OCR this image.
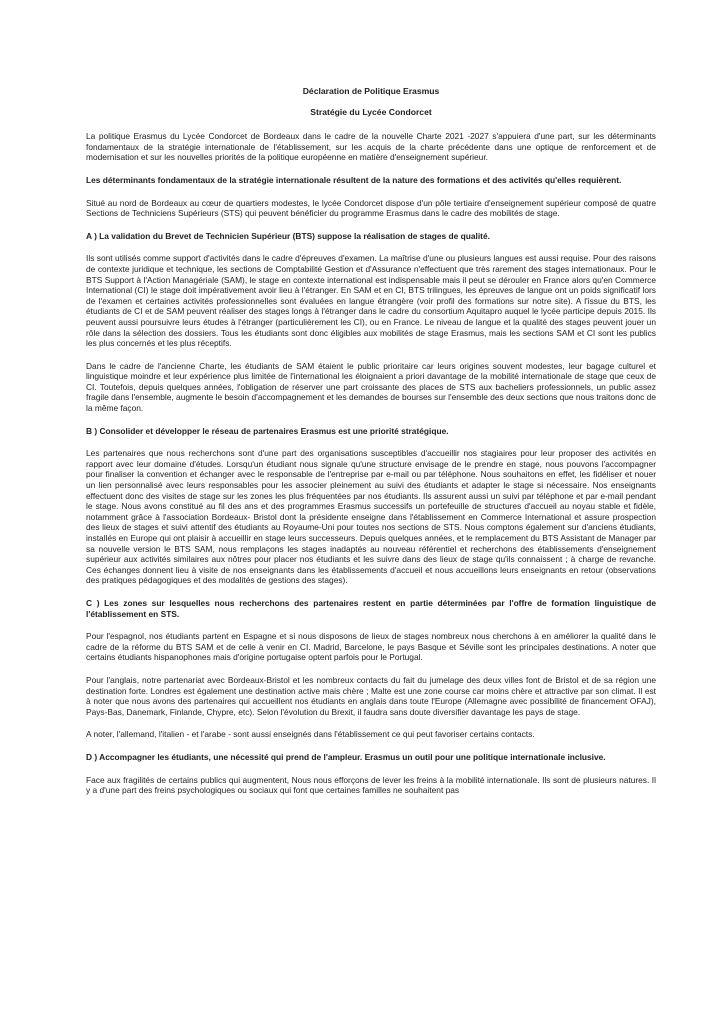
Déclaration de Politique Erasmus
Stratégie du Lycée Condorcet

La politique Erasmus du Lycée Condorcet de Bordeaux dans le cadre de la nouvelle Charte 2021 -2027 s'appuiera d'une part, sur les déterminants fondamentaux de la stratégie internationale de l'établissement, sur les acquis de la charte précédente dans une optique de renforcement et de modernisation et sur les nouvelles priorités de la politique européenne en matière d'enseignement supérieur.

Les déterminants fondamentaux de la stratégie internationale résultent de la nature des formations et des activités qu'elles requièrent.

Situé au nord de Bordeaux au cœur de quartiers modestes, le lycée Condorcet dispose d'un pôle tertiaire d'enseignement supérieur composé de quatre Sections de Techniciens Supérieurs (STS) qui peuvent bénéficier du programme Erasmus dans le cadre des mobilités de stage.

A ) La validation du Brevet de Technicien Supérieur (BTS) suppose la réalisation de stages de qualité.

Ils sont utilisés comme support d'activités dans le cadre d'épreuves d'examen. La maîtrise d'une ou plusieurs langues est aussi requise. Pour des raisons de contexte juridique et technique, les sections de Comptabilité Gestion et d'Assurance n'effectuent que très rarement des stages internationaux. Pour le BTS Support à l'Action Managériale (SAM), le stage en contexte international est indispensable mais il peut se dérouler en France alors qu'en Commerce International (CI) le stage doit impérativement avoir lieu à l'étranger. En SAM et en CI, BTS trilingues, les épreuves de langue ont un poids significatif lors de l'examen et certaines activités professionnelles sont évaluées en langue étrangère (voir profil des formations sur notre site). A l'issue du BTS, les étudiants de CI et de SAM peuvent réaliser des stages longs à l'étranger dans le cadre du consortium Aquitapro auquel le lycée participe depuis 2015. Ils peuvent aussi poursuivre leurs études à l'étranger (particulièrement les CI), ou en France. Le niveau de langue et la qualité des stages peuvent jouer un rôle dans la sélection des dossiers. Tous les étudiants sont donc éligibles aux mobilités de stage Erasmus, mais les sections SAM et CI sont les publics les plus concernés et les plus réceptifs.

Dans le cadre de l'ancienne Charte, les étudiants de SAM étaient le public prioritaire car leurs origines souvent modestes, leur bagage culturel et linguistique moindre et leur expérience plus limitée de l'international les éloignaient a priori davantage de la mobilité internationale de stage que ceux de CI. Toutefois, depuis quelques années, l'obligation de réserver une part croissante des places de STS aux bacheliers professionnels, un public assez fragile dans l'ensemble, augmente le besoin d'accompagnement et les demandes de bourses sur l'ensemble des deux sections que nous traitons donc de la même façon.

B ) Consolider et développer le réseau de partenaires Erasmus est une priorité stratégique.

Les partenaires que nous recherchons sont d'une part des organisations susceptibles d'accueillir nos stagiaires pour leur proposer des activités en rapport avec leur domaine d'études. Lorsqu'un étudiant nous signale qu'une structure envisage de le prendre en stage, nous pouvons l'accompagner pour finaliser la convention et échanger avec le responsable de l'entreprise par e-mail ou par téléphone. Nous souhaitons en effet, les fidéliser et nouer un lien personnalisé avec leurs responsables pour les associer pleinement au suivi des étudiants et adapter le stage si nécessaire. Nos enseignants effectuent donc des visites de stage sur les zones les plus fréquentées par nos étudiants. Ils assurent aussi un suivi par téléphone et par e-mail pendant le stage. Nous avons constitué au fil des ans et des programmes Erasmus successifs un portefeuille de structures d'accueil au noyau stable et fidèle, notamment grâce à l'association Bordeaux- Bristol dont la présidente enseigne dans l'établissement en Commerce International et assure prospection des lieux de stages et suivi attentif des étudiants au Royaume-Uni pour toutes nos sections de STS. Nous comptons également sur d'anciens étudiants, installés en Europe qui ont plaisir à accueillir en stage leurs successeurs. Depuis quelques années, et le remplacement du BTS Assistant de Manager par sa nouvelle version le BTS SAM, nous remplaçons les stages inadaptés au nouveau référentiel et recherchons des établissements d'enseignement supérieur aux activités similaires aux nôtres pour placer nos étudiants et les suivre dans des lieux de stage qu'ils connaissent ; à charge de revanche. Ces échanges donnent lieu à visite de nos enseignants dans les établissements d'accueil et nous accueillons leurs enseignants en retour (observations des pratiques pédagogiques et des modalités de gestions des stages).

C ) Les zones sur lesquelles nous recherchons des partenaires restent en partie déterminées par l'offre de formation linguistique de l'établissement en STS.

Pour l'espagnol, nos étudiants partent en Espagne et si nous disposons de lieux de stages nombreux nous cherchons à en améliorer la qualité dans le cadre de la réforme du BTS SAM et de celle à venir en CI. Madrid, Barcelone, le pays Basque et Séville sont les principales destinations. A noter que certains étudiants hispanophones mais d'origine portugaise optent parfois pour le Portugal.

Pour l'anglais, notre partenariat avec Bordeaux-Bristol et les nombreux contacts du fait du jumelage des deux villes font de Bristol et de sa région une destination forte. Londres est également une destination active mais chère ; Malte est une zone course car moins chère et attractive par son climat. Il est à noter que nous avons des partenaires qui accueillent nos étudiants en anglais dans toute l'Europe (Allemagne avec possibilité de financement OFAJ), Pays-Bas, Danemark, Finlande, Chypre, etc). Selon l'évolution du Brexit, il faudra sans doute diversifier davantage les pays de stage.

A noter, l'allemand, l'italien - et l'arabe - sont aussi enseignés dans l'établissement ce qui peut favoriser certains contacts.

D ) Accompagner les étudiants, une nécessité qui prend de l'ampleur. Erasmus un outil pour une politique internationale inclusive.

Face aux fragilités de certains publics qui augmentent, Nous nous efforçons de lever les freins à la mobilité internationale. Ils sont de plusieurs natures. Il y a d'une part des freins psychologiques ou sociaux qui font que certaines familles ne souhaitent pas
